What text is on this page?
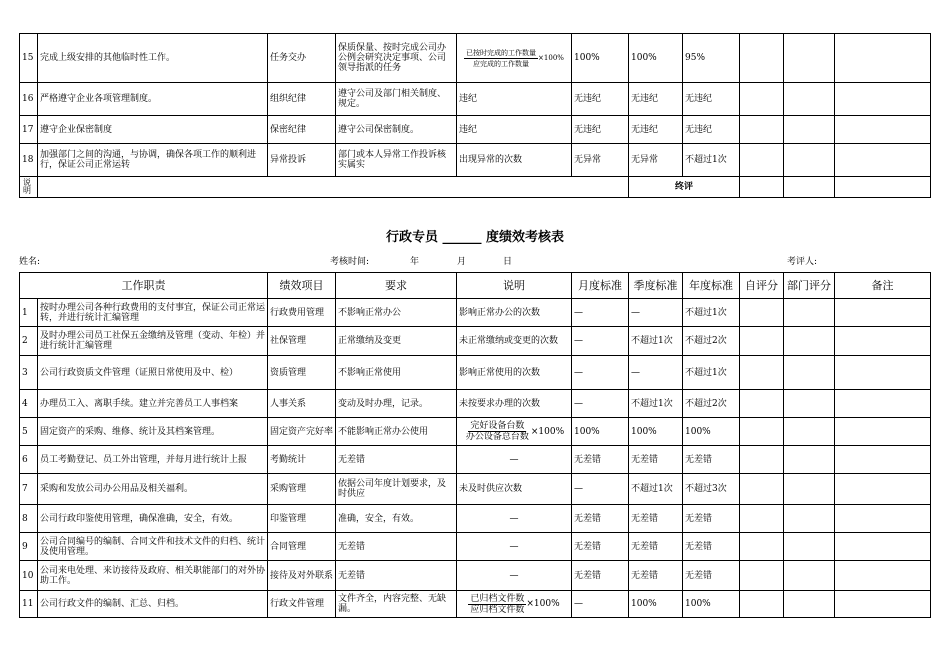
15	完成上级安排的其他临时性工作。	任务交办	保质保量、按时完成公司办公例会研究决定事项、公司领导指派的任务	$\frac{\text{已按时完成的工作数量}}{\text{应完成的工作数量}} \times 100\%$	100%	100%	95%			
16	严格遵守企业各项管理制度。	组织纪律	遵守公司及部门相关制度、规定。	违纪	无违纪	无违纪	无违纪			
17	遵守企业保密制度	保密纪律	遵守公司保密制度。	违纪	无违纪	无违纪	无违纪			
18	加强部门之间的沟通，与协调，确保各项工作的顺利进行，保证公司正常运转	异常投诉	部门或本人异常工作投诉核实属实	出现异常的次数	无异常	无异常	不超过1次			
说明						终评				
行政专员 ______ 度绩效考核表
姓名:	考核时间:	年	月	日	考评人:
工作职责		绩效项目	要求	说明	月度标准	季度标准	年度标准	自评分	部门评分	备注
1	按时办理公司各种行政费用的支付事宜，保证公司正常运转，并进行统计汇编管理	行政费用管理	不影响正常办公	影响正常办公的次数	—	—	不超过1次			
2	及时办理公司员工社保五金缴纳及管理（变动、年检）并进行统计汇编管理	社保管理	正常缴纳及变更	未正常缴纳或变更的次数	—	不超过1次	不超过2次			
3	公司行政资质文件管理（证照日常使用及中、检）	资质管理	不影响正常使用	影响正常使用的次数	—	—	不超过1次			
4	办理员工入、离职手续。建立并完善员工人事档案	人事关系	变动及时办理，记录。	未按要求办理的次数	—	不超过1次	不超过2次			
5	固定资产的采购、维修、统计及其档案管理。	固定资产完好率	不能影响正常办公使用	$\frac{\text{完好设备台数}}{\text{办公设备总台数}} \times 100\%$	100%	100%	100%			
6	员工考勤登记、员工外出管理，并每月进行统计上报	考勤统计	无差错	—	无差错	无差错	无差错			
7	采购和发放公司办公用品及相关福利。	采购管理	依据公司年度计划要求，及时供应	未及时供应次数	—	不超过1次	不超过3次			
8	公司行政印鉴使用管理，确保准确，安全，有效。	印鉴管理	准确，安全，有效。	—	无差错	无差错	无差错			
9	公司合同编号的编制、合同文件和技术文件的归档、统计及使用管理。	合同管理	无差错	—	无差错	无差错	无差错			
10	公司来电处理、来访接待及政府、相关职能部门的对外协助工作。	接待及对外联系	无差错	—	无差错	无差错	无差错			
11	公司行政文件的编制、汇总、归档。	行政文件管理	文件齐全，内容完整、无缺漏。	$\frac{\text{已归档文件数}}{\text{应归档文件数}} \times 100\%$	—	100%	100%			
